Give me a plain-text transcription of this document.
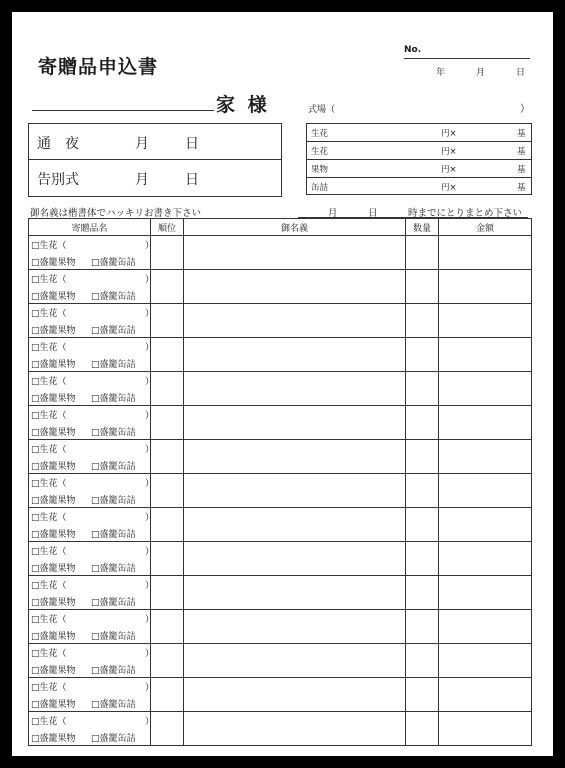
寄贈品申込書
No.
年	月	日
家 様	式場（	）
通　夜	月	日
告別式	月	日
生花	円×	基
生花	円×	基
果物	円×	基
缶詰	円×	基
御名義は楷書体でハッキリお書き下さい	月	日	時までにとりまとめ下さい
寄贈品名	順位	御名義	数量	金額

□生花（ ）
□盛籠果物 □盛籠缶詰				

□生花（ ）
□盛籠果物 □盛籠缶詰				

□生花（ ）
□盛籠果物 □盛籠缶詰				

□生花（ ）
□盛籠果物 □盛籠缶詰				

□生花（ ）
□盛籠果物 □盛籠缶詰				

□生花（ ）
□盛籠果物 □盛籠缶詰				

□生花（ ）
□盛籠果物 □盛籠缶詰				

□生花（ ）
□盛籠果物 □盛籠缶詰				

□生花（ ）
□盛籠果物 □盛籠缶詰				

□生花（ ）
□盛籠果物 □盛籠缶詰				

□生花（ ）
□盛籠果物 □盛籠缶詰				

□生花（ ）
□盛籠果物 □盛籠缶詰				

□生花（ ）
□盛籠果物 □盛籠缶詰				

□生花（ ）
□盛籠果物 □盛籠缶詰				

□生花（ ）
□盛籠果物 □盛籠缶詰				
